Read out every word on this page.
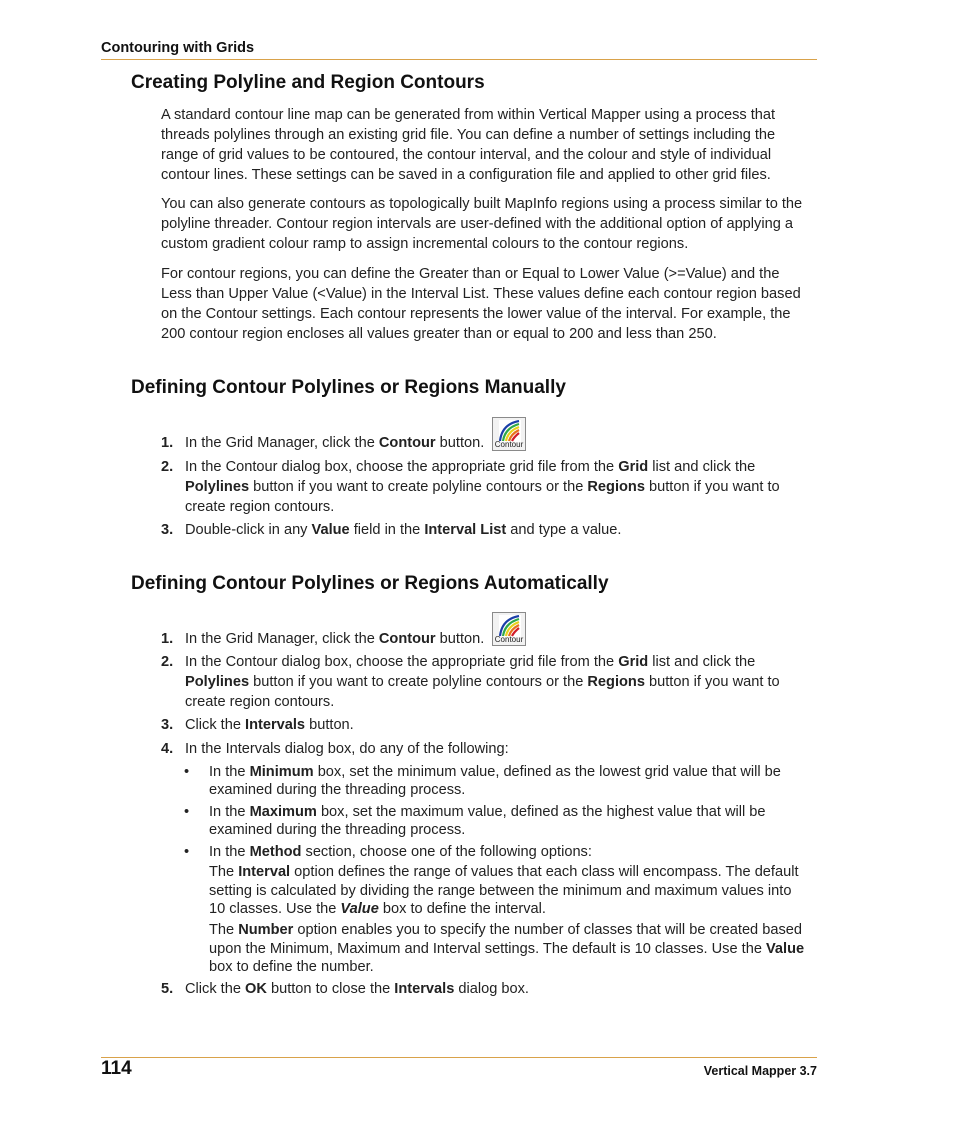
Contouring with Grids
Creating Polyline and Region Contours

A standard contour line map can be generated from within Vertical Mapper using a process that

threads polylines through an existing grid file. You can define a number of settings including the

range of grid values to be contoured, the contour interval, and the colour and style of individual

contour lines. These settings can be saved in a configuration file and applied to other grid files.

You can also generate contours as topologically built MapInfo regions using a process similar to the

polyline threader. Contour region intervals are user-defined with the additional option of applying a

custom gradient colour ramp to assign incremental colours to the contour regions.

For contour regions, you can define the Greater than or Equal to Lower Value (>=Value) and the

Less than Upper Value (<Value) in the Interval List. These values define each contour region based

on the Contour settings. Each contour represents the lower value of the interval. For example, the

200 contour region encloses all values greater than or equal to 200 and less than 250.

Defining Contour Polylines or Regions Manually
1. In the Grid Manager, click the Contour button.	Contour
2. In the Contour dialog box, choose the appropriate grid file from the Grid list and click the
Polylines button if you want to create polyline contours or the Regions button if you want to
create region contours.
3. Double-click in any Value field in the Interval List and type a value.
Defining Contour Polylines or Regions Automatically
1. In the Grid Manager, click the Contour button.	Contour
2. In the Contour dialog box, choose the appropriate grid file from the Grid list and click the
Polylines button if you want to create polyline contours or the Regions button if you want to
create region contours.
3. Click the Intervals button.
4. In the Intervals dialog box, do any of the following:
• In the Minimum box, set the minimum value, defined as the lowest grid value that will be
examined during the threading process.
• In the Maximum box, set the maximum value, defined as the highest value that will be
examined during the threading process.
• In the Method section, choose one of the following options:
The Interval option defines the range of values that each class will encompass. The default
setting is calculated by dividing the range between the minimum and maximum values into
10 classes. Use the Value box to define the interval.
The Number option enables you to specify the number of classes that will be created based
upon the Minimum, Maximum and Interval settings. The default is 10 classes. Use the Value
box to define the number.
5. Click the OK button to close the Intervals dialog box.
114	Vertical Mapper 3.7
